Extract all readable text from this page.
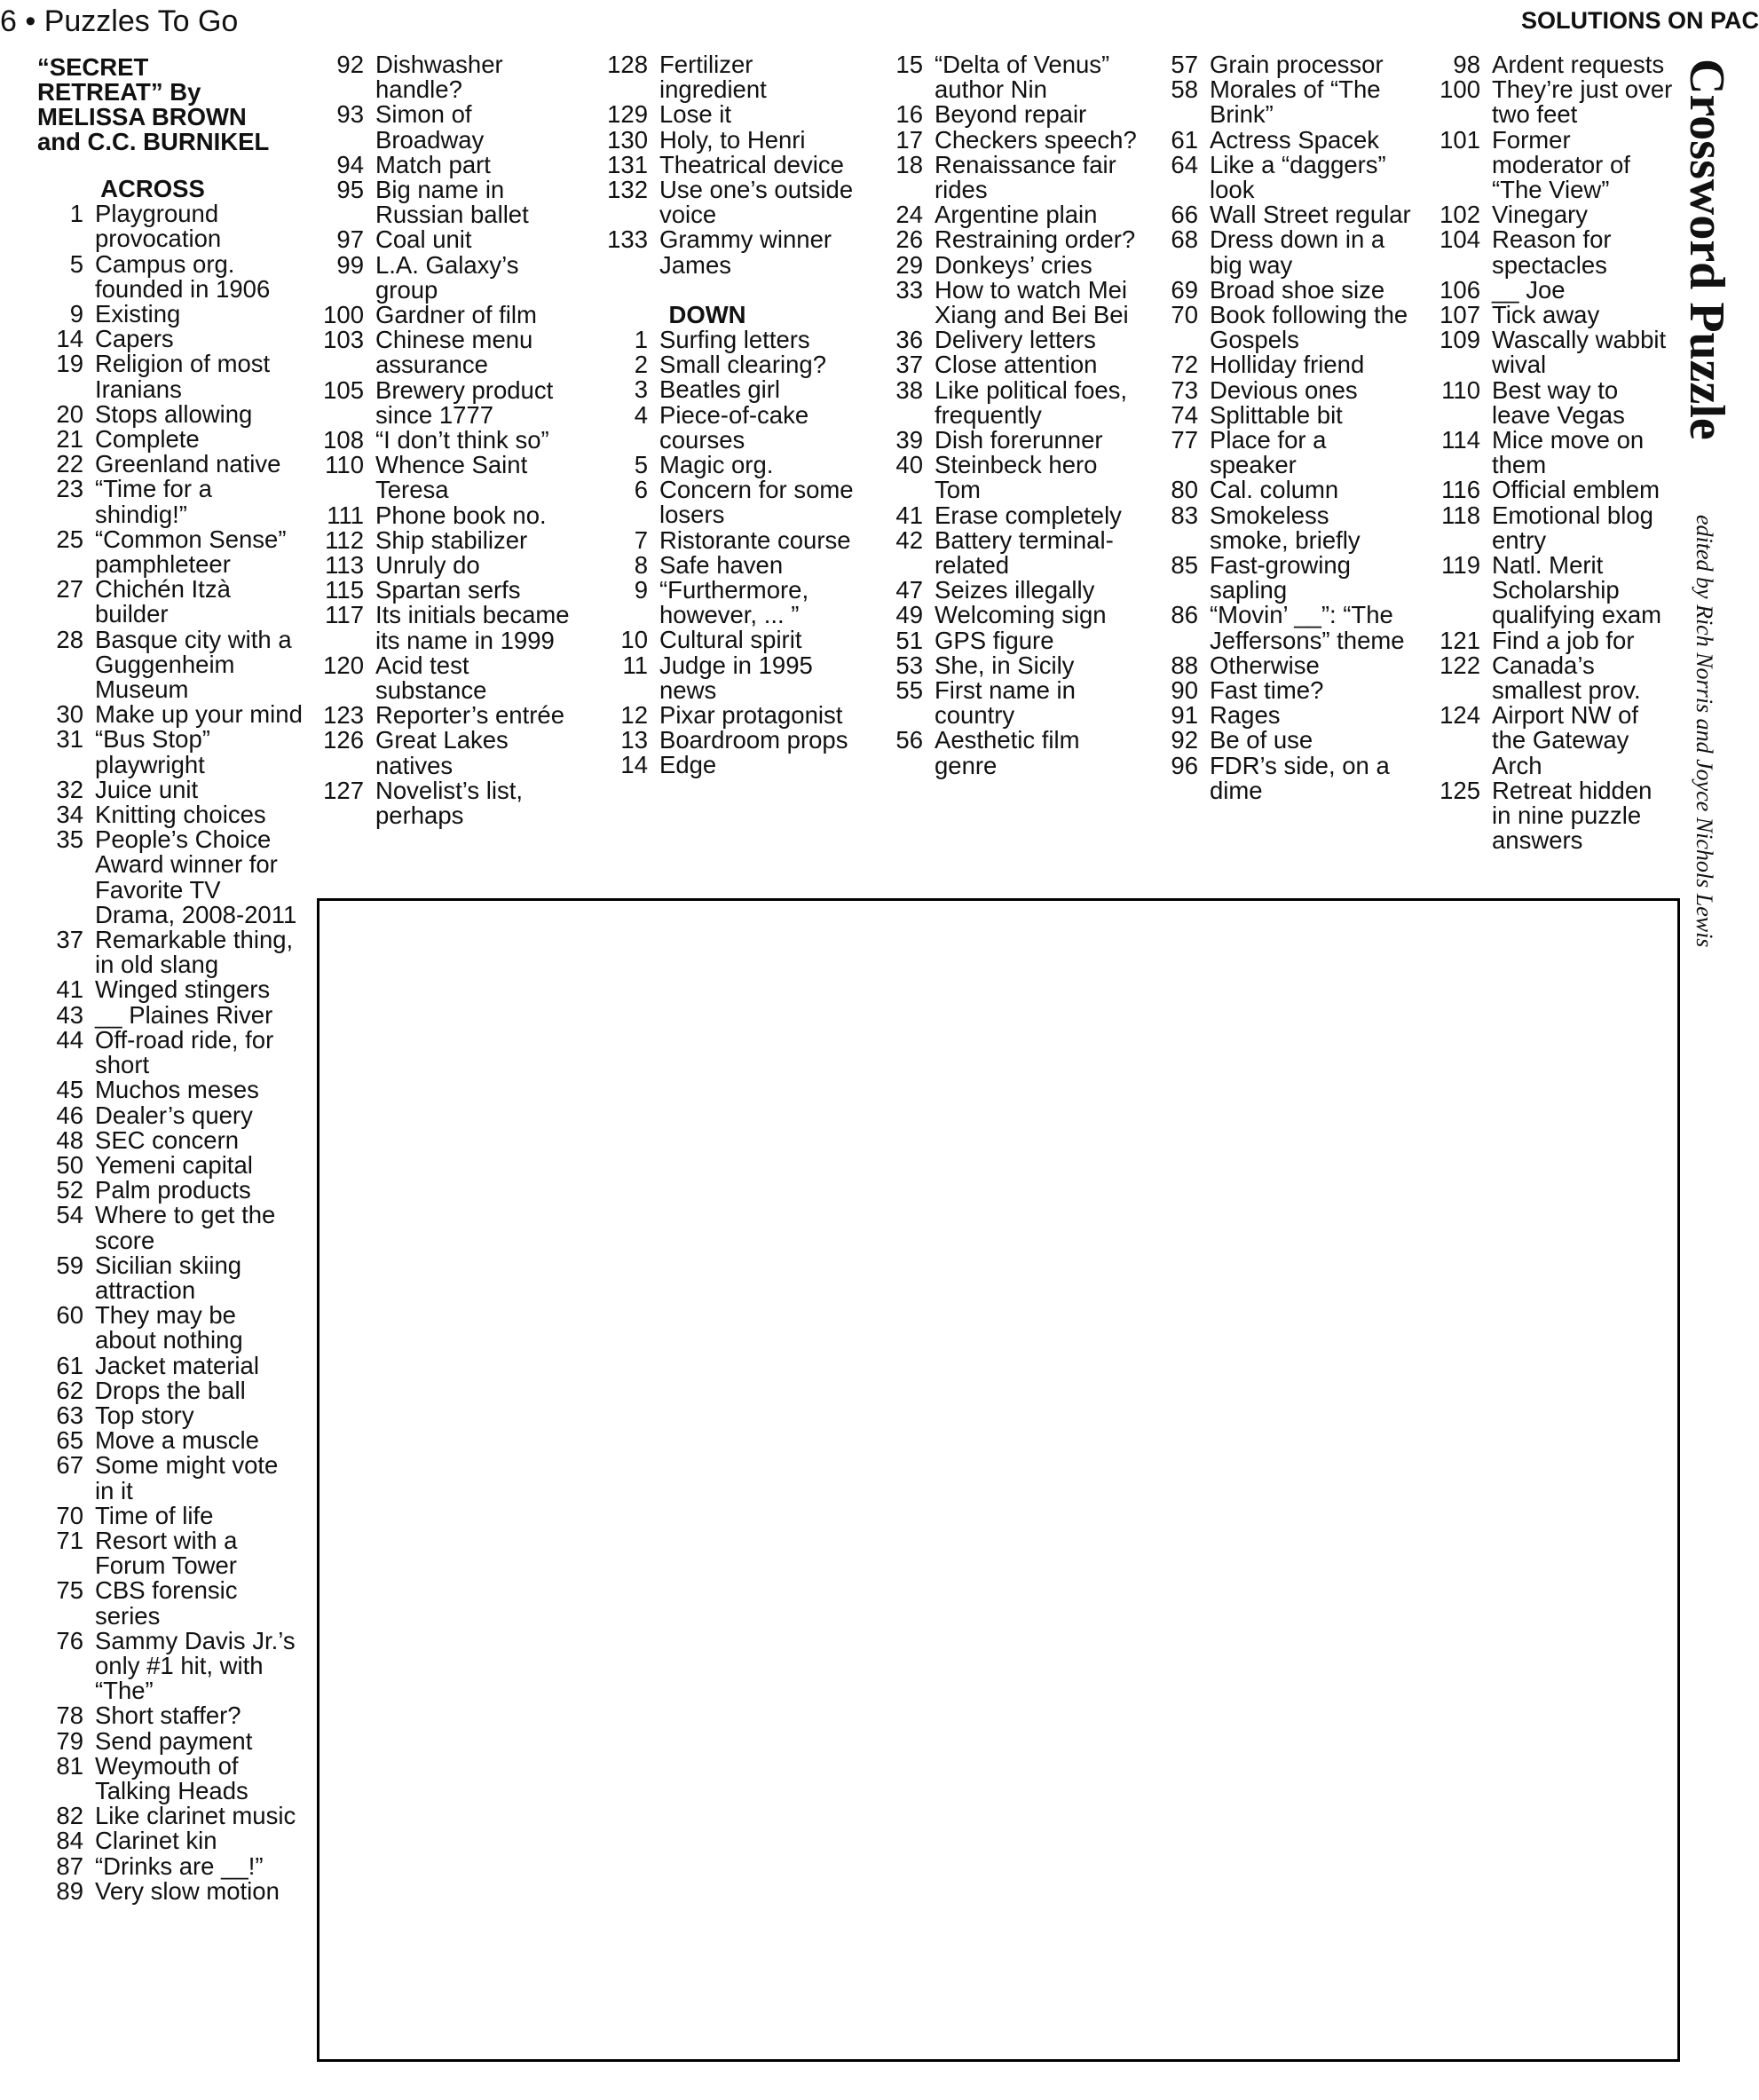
6 • Puzzles To Go	SOLUTIONS ON PAC
“SECRET
RETREAT” By
MELISSA BROWN
and C.C. BURNIKEL	Crossword Puzzle
edited by Rich Norris and Joyce Nichols Lewis
ACROSS
1 Playground provocation
5 Campus org. founded in 1906
9 Existing
14 Capers
19 Religion of most Iranians
20 Stops allowing
21 Complete
22 Greenland native
23 “Time for a shindig!”
25 “Common Sense” pamphleteer
27 Chichén Itzà builder
28 Basque city with a Guggenheim Museum
30 Make up your mind
31 “Bus Stop” playwright
32 Juice unit
34 Knitting choices
35 People’s Choice Award winner for Favorite TV Drama, 2008-2011
37 Remarkable thing, in old slang
41 Winged stingers
43 __ Plaines River
44 Off-road ride, for short
45 Muchos meses
46 Dealer’s query
48 SEC concern
50 Yemeni capital
52 Palm products
54 Where to get the score
59 Sicilian skiing attraction
60 They may be about nothing
61 Jacket material
62 Drops the ball
63 Top story
65 Move a muscle
67 Some might vote in it
70 Time of life
71 Resort with a Forum Tower
75 CBS forensic series
76 Sammy Davis Jr.’s only #1 hit, with “The”
78 Short staffer?
79 Send payment
81 Weymouth of Talking Heads
82 Like clarinet music
84 Clarinet kin
87 “Drinks are __!”
89 Very slow motion
92 Dishwasher handle?
93 Simon of Broadway
94 Match part
95 Big name in Russian ballet
97 Coal unit
99 L.A. Galaxy’s group
100 Gardner of film
103 Chinese menu assurance
105 Brewery product since 1777
108 “I don’t think so”
110 Whence Saint Teresa
111 Phone book no.
112 Ship stabilizer
113 Unruly do
115 Spartan serfs
117 Its initials became its name in 1999
120 Acid test substance
123 Reporter’s entrée
126 Great Lakes natives
127 Novelist’s list, perhaps
128 Fertilizer ingredient
129 Lose it
130 Holy, to Henri
131 Theatrical device
132 Use one’s outside voice
133 Grammy winner James
DOWN
1 Surfing letters
2 Small clearing?
3 Beatles girl
4 Piece-of-cake courses
5 Magic org.
6 Concern for some losers
7 Ristorante course
8 Safe haven
9 “Furthermore, however, ... ”
10 Cultural spirit
11 Judge in 1995 news
12 Pixar protagonist
13 Boardroom props
14 Edge
15 “Delta of Venus” author Nin
16 Beyond repair
17 Checkers speech?
18 Renaissance fair rides
24 Argentine plain
26 Restraining order?
29 Donkeys’ cries
33 How to watch Mei Xiang and Bei Bei
36 Delivery letters
37 Close attention
38 Like political foes, frequently
39 Dish forerunner
40 Steinbeck hero Tom
41 Erase completely
42 Battery terminal-related
47 Seizes illegally
49 Welcoming sign
51 GPS figure
53 She, in Sicily
55 First name in country
56 Aesthetic film genre
57 Grain processor
58 Morales of “The Brink”
61 Actress Spacek
64 Like a “daggers” look
66 Wall Street regular
68 Dress down in a big way
69 Broad shoe size
70 Book following the Gospels
72 Holliday friend
73 Devious ones
74 Splittable bit
77 Place for a speaker
80 Cal. column
83 Smokeless smoke, briefly
85 Fast-growing sapling
86 “Movin’ __”: “The Jeffersons” theme
88 Otherwise
90 Fast time?
91 Rages
92 Be of use
96 FDR’s side, on a dime
98 Ardent requests
100 They’re just over two feet
101 Former moderator of “The View”
102 Vinegary
104 Reason for spectacles
106 __ Joe
107 Tick away
109 Wascally wabbit wival
110 Best way to leave Vegas
114 Mice move on them
116 Official emblem
118 Emotional blog entry
119 Natl. Merit Scholarship qualifying exam
121 Find a job for
122 Canada’s smallest prov.
124 Airport NW of the Gateway Arch
125 Retreat hidden in nine puzzle answers
